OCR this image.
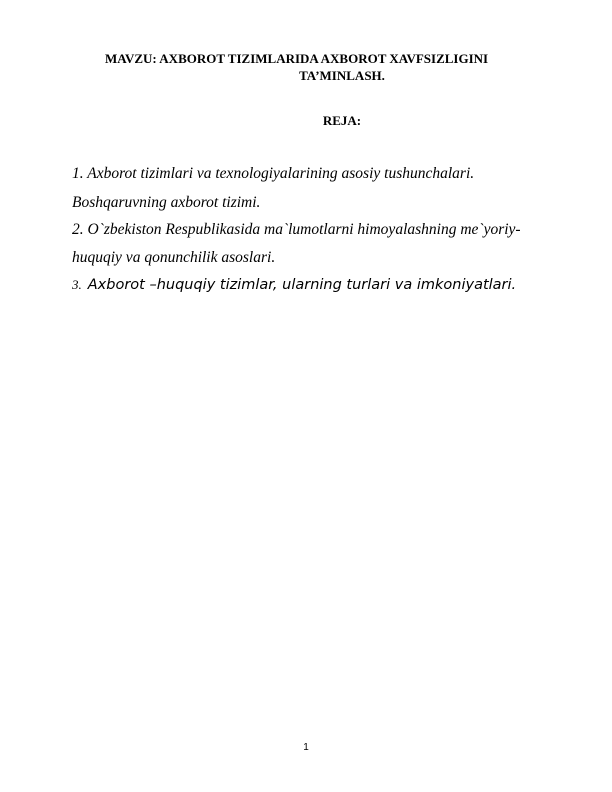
MAVZU: AXBOROT TIZIMLARIDA AXBOROT XAVFSIZLIGINI
TA’MINLASH.
REJA:
1. Axborot tizimlari va texnologiyalarining asosiy tushunchalari.
Boshqaruvning axborot tizimi.
2. O`zbekiston Respublikasida ma`lumotlarni himoyalashning me`yoriy-
huquqiy va qonunchilik asoslari.
3. Axborot –huquqiy tizimlar, ularning turlari va imkoniyatlari.
1
